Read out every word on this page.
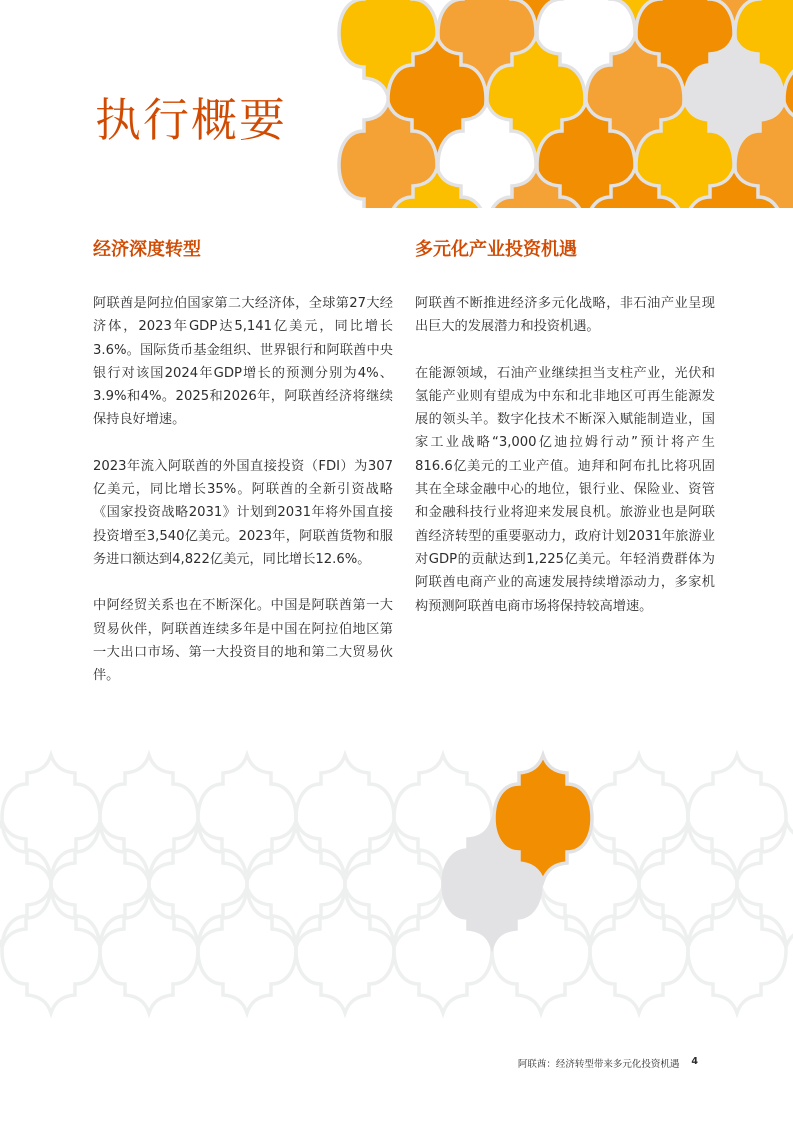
执行概要
经济深度转型

阿联酋是阿拉伯国家第二大经济体，全球第27大经济体，2023年GDP达5,141亿美元，同比增长3.6%。国际货币基金组织、世界银行和阿联酋中央银行对该国2024年GDP增长的预测分别为4%、3.9%和4%。2025和2026年，阿联酋经济将继续保持良好增速。

2023年流入阿联酋的外国直接投资（FDI）为307亿美元，同比增长35%。阿联酋的全新引资战略《国家投资战略2031》计划到2031年将外国直接投资增至3,540亿美元。2023年，阿联酋货物和服务进口额达到4,822亿美元，同比增长12.6%。

中阿经贸关系也在不断深化。中国是阿联酋第一大贸易伙伴，阿联酋连续多年是中国在阿拉伯地区第一大出口市场、第一大投资目的地和第二大贸易伙伴。

多元化产业投资机遇

阿联酋不断推进经济多元化战略，非石油产业呈现出巨大的发展潜力和投资机遇。

在能源领域，石油产业继续担当支柱产业，光伏和氢能产业则有望成为中东和北非地区可再生能源发展的领头羊。数字化技术不断深入赋能制造业，国家工业战略“3,000亿迪拉姆行动”预计将产生816.6亿美元的工业产值。迪拜和阿布扎比将巩固其在全球金融中心的地位，银行业、保险业、资管和金融科技行业将迎来发展良机。旅游业也是阿联酋经济转型的重要驱动力，政府计划2031年旅游业对GDP的贡献达到1,225亿美元。年轻消费群体为阿联酋电商产业的高速发展持续增添动力，多家机构预测阿联酋电商市场将保持较高增速。

阿联酋：经济转型带来多元化投资机遇 4
